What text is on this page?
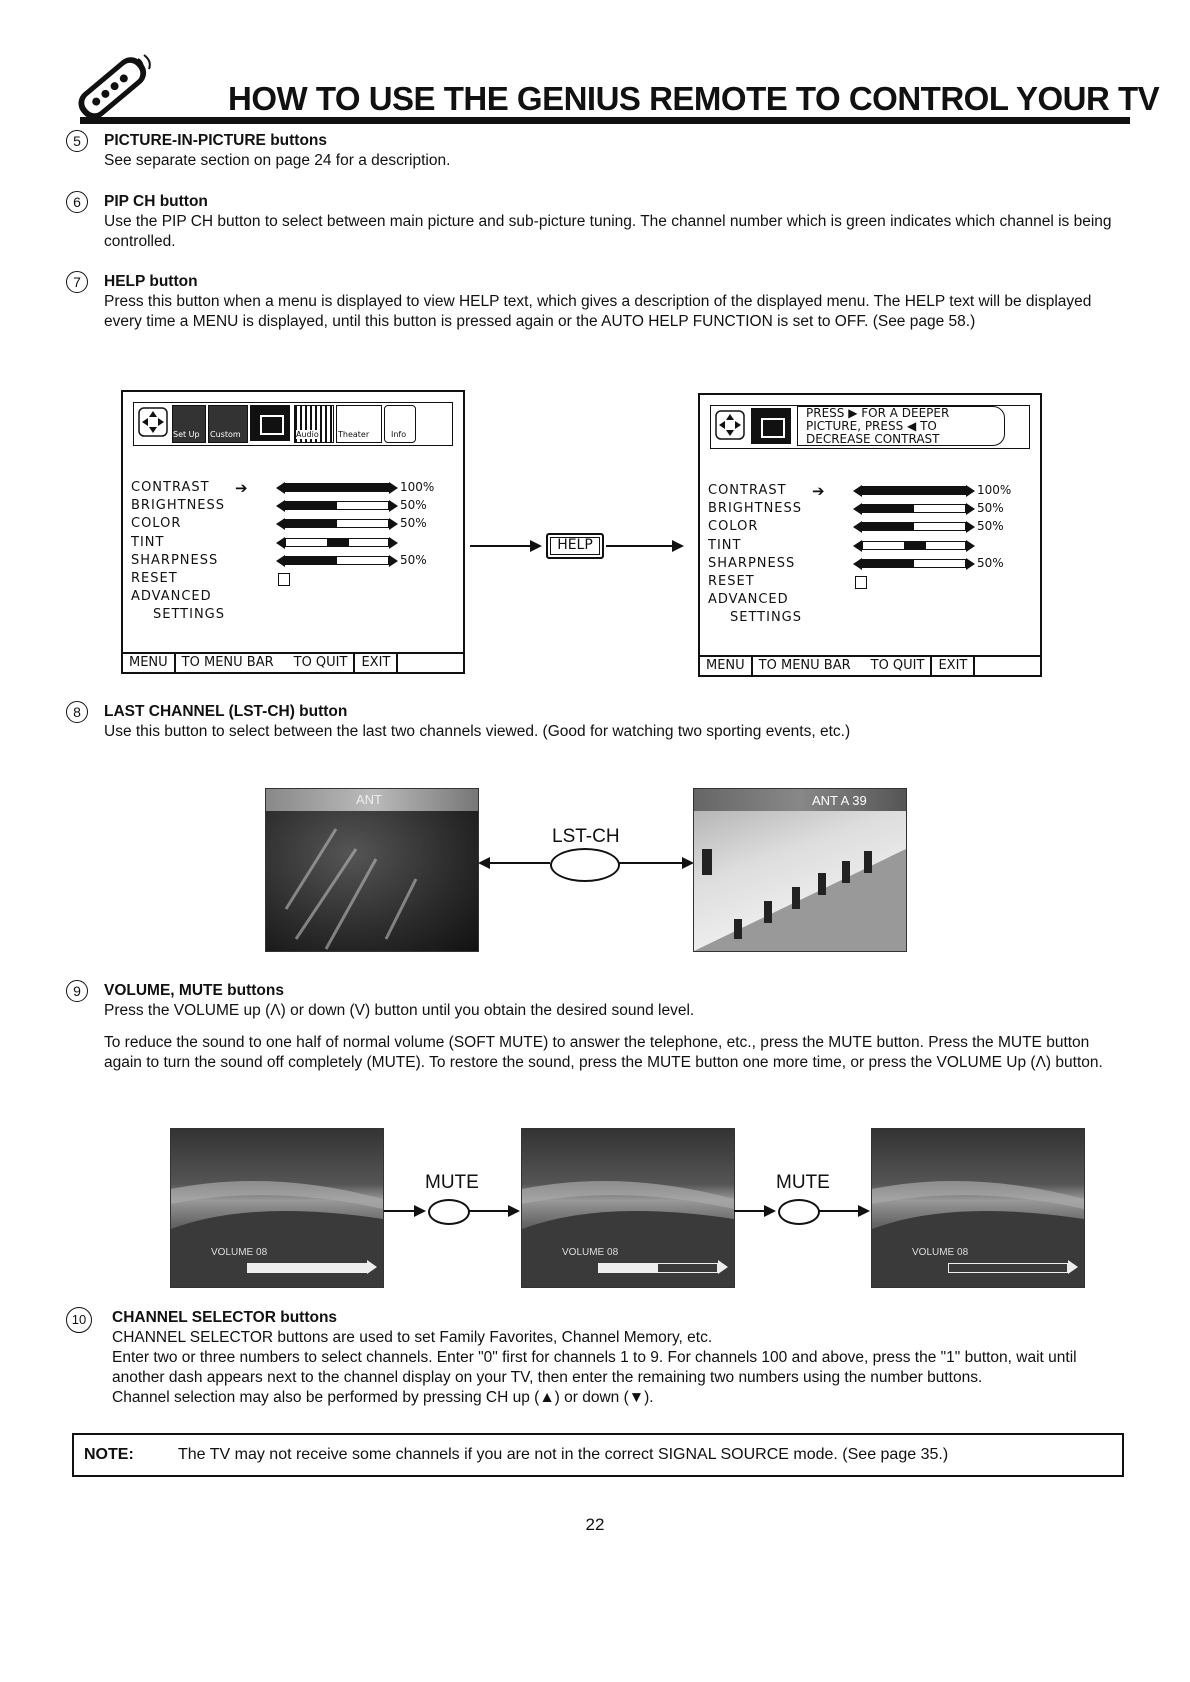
HOW TO USE THE GENIUS REMOTE TO CONTROL YOUR TV
5	PICTURE-IN-PICTURE buttons

See separate section on page 24 for a description.

6	PIP CH button

Use the PIP CH button to select between main picture and sub-picture tuning. The channel number which is green indicates which channel is being controlled.

7	HELP button

Press this button when a menu is displayed to view HELP text, which gives a description of the displayed menu. The HELP text will be displayed every time a MENU is displayed, until this button is pressed again or the AUTO HELP FUNCTION is set to OFF. (See page 58.)

Set Up Custom	Audio Theater	Info
CONTRAST ➔	100%
BRIGHTNESS	50%
COLOR	50%
TINT
SHARPNESS	50%
RESET
ADVANCED
SETTINGS
MENU	TO MENU BAR	TO QUIT	EXIT
HELP
PRESS ▶ FOR A DEEPER
PICTURE, PRESS ◀ TO
DECREASE CONTRAST
CONTRAST ➔	100%
BRIGHTNESS	50%
COLOR	50%
TINT
SHARPNESS	50%
RESET
ADVANCED
SETTINGS
MENU	TO MENU BAR	TO QUIT	EXIT
8	LAST CHANNEL (LST-CH) button

Use this button to select between the last two channels viewed. (Good for watching two sporting events, etc.)

ANT
LST-CH
ANT A 39
9	VOLUME, MUTE buttons

Press the VOLUME up (Λ) or down (V) button until you obtain the desired sound level.

To reduce the sound to one half of normal volume (SOFT MUTE) to answer the telephone, etc., press the MUTE button. Press the MUTE button again to turn the sound off completely (MUTE). To restore the sound, press the MUTE button one more time, or press the VOLUME Up (Λ) button.

VOLUME 08	VOLUME 08	VOLUME 08
MUTE	MUTE
10	CHANNEL SELECTOR buttons

CHANNEL SELECTOR buttons are used to set Family Favorites, Channel Memory, etc.

Enter two or three numbers to select channels. Enter "0" first for channels 1 to 9. For channels 100 and above, press the "1" button, wait until another dash appears next to the channel display on your TV, then enter the remaining two numbers using the number buttons.

Channel selection may also be performed by pressing CH up (▲) or down (▼).

NOTE:	The TV may not receive some channels if you are not in the correct SIGNAL SOURCE mode. (See page 35.)
22
